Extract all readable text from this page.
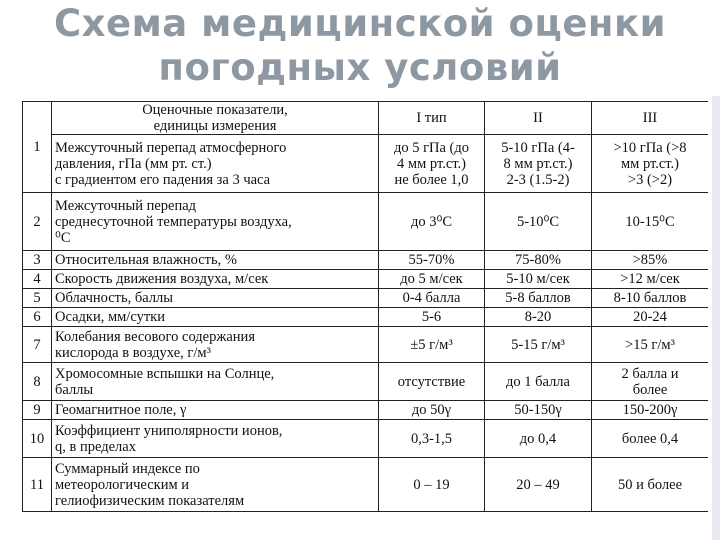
Схема медицинской оценки
погодных условий
1	Оценочные показатели,
единицы измерения	I тип	II	III
	Межсуточный перепад атмосферного
давления, гПа (мм рт. ст.)
с градиентом его падения за 3 часа	до 5 гПа (до
4 мм рт.ст.)
не более 1,0	5-10 гПа (4-
8 мм рт.ст.)
2-3 (1.5-2)	>10 гПа (>8
мм рт.ст.)
>3 (>2)
2	Межсуточный перепад
среднесуточной температуры воздуха,
⁰С	до 3⁰С	5-10⁰С	10-15⁰С
3	Относительная влажность, %	55-70%	75-80%	>85%
4	Скорость движения воздуха, м/сек	до 5 м/сек	5-10 м/сек	>12 м/сек
5	Облачность, баллы	0-4 балла	5-8 баллов	8-10 баллов
6	Осадки, мм/сутки	5-6	8-20	20-24
7	Колебания весового содержания
кислорода в воздухе, г/м³	±5 г/м³	5-15 г/м³	>15 г/м³
8	Хромосомные вспышки на Солнце,
баллы	отсутствие	до 1 балла	2 балла и
более
9	Геомагнитное поле, γ	до 50γ	50-150γ	150-200γ
10	Коэффициент униполярности ионов,
q, в пределах	0,3-1,5	до 0,4	более 0,4
11	Суммарный индексе по
метеорологическим и
гелиофизическим показателям	0 – 19	20 – 49	50 и более
